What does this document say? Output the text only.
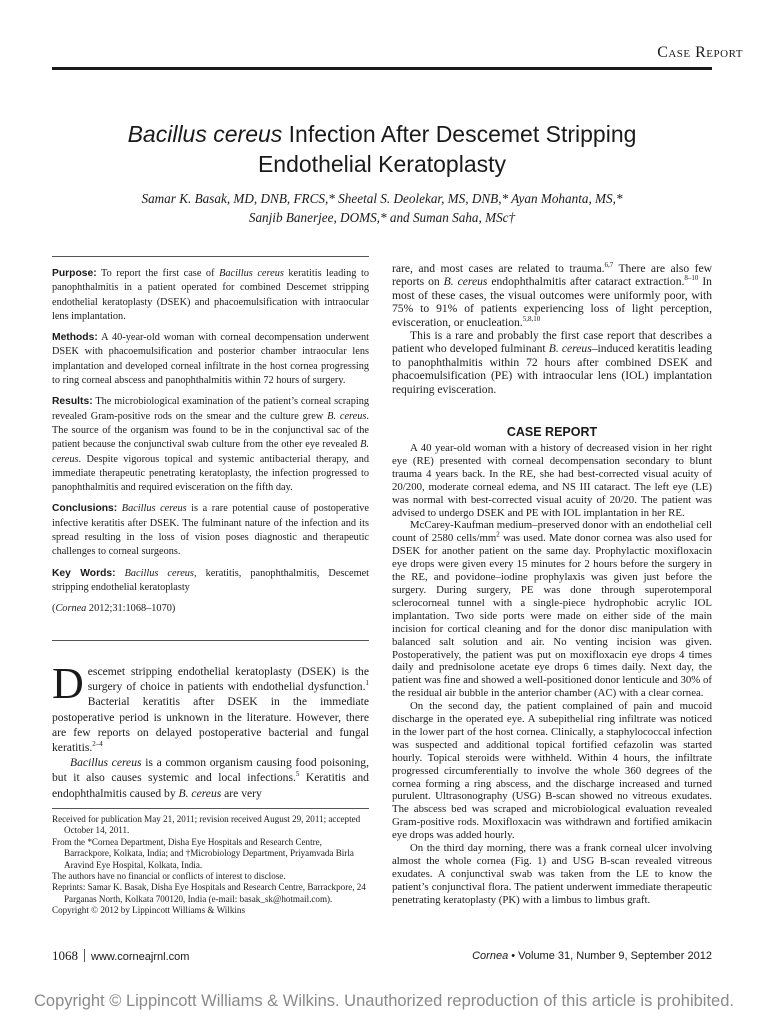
Case Report
Bacillus cereus Infection After Descemet Stripping
Endothelial Keratoplasty
Samar K. Basak, MD, DNB, FRCS,* Sheetal S. Deolekar, MS, DNB,* Ayan Mohanta, MS,*
Sanjib Banerjee, DOMS,* and Suman Saha, MSc†

Purpose: To report the first case of Bacillus cereus keratitis leading to panophthalmitis in a patient operated for combined Descemet stripping endothelial keratoplasty (DSEK) and phacoemulsification with intraocular lens implantation.

Methods: A 40-year-old woman with corneal decompensation underwent DSEK with phacoemulsification and posterior chamber intraocular lens implantation and developed corneal infiltrate in the host cornea progressing to ring corneal abscess and panophthalmitis within 72 hours of surgery.

Results: The microbiological examination of the patient’s corneal scraping revealed Gram-positive rods on the smear and the culture grew B. cereus. The source of the organism was found to be in the conjunctival sac of the patient because the conjunctival swab culture from the other eye revealed B. cereus. Despite vigorous topical and systemic antibacterial therapy, and immediate therapeutic penetrating keratoplasty, the infection progressed to panophthalmitis and required evisceration on the fifth day.

Conclusions: Bacillus cereus is a rare potential cause of postoperative infective keratitis after DSEK. The fulminant nature of the infection and its spread resulting in the loss of vision poses diagnostic and therapeutic challenges to corneal surgeons.

Key Words: Bacillus cereus, keratitis, panophthalmitis, Descemet stripping endothelial keratoplasty

(Cornea 2012;31:1068–1070)

Descemet stripping endothelial keratoplasty (DSEK) is the surgery of choice in patients with endothelial dysfunction.$^1$ Bacterial keratitis after DSEK in the immediate postoperative period is unknown in the literature. However, there are few reports on delayed postoperative bacterial and fungal keratitis.$^{2-4}$

Bacillus cereus is a common organism causing food poisoning, but it also causes systemic and local infections.$^5$ Keratitis and endophthalmitis caused by B. cereus are very

Received for publication May 21, 2011; revision received August 29, 2011; accepted October 14, 2011.

From the *Cornea Department, Disha Eye Hospitals and Research Centre, Barrackpore, Kolkata, India; and †Microbiology Department, Priyamvada Birla Aravind Eye Hospital, Kolkata, India.

The authors have no financial or conflicts of interest to disclose.

Reprints: Samar K. Basak, Disha Eye Hospitals and Research Centre, Barrackpore, 24 Parganas North, Kolkata 700120, India (e-mail: basak_sk@hotmail.com).

Copyright © 2012 by Lippincott Williams & Wilkins

rare, and most cases are related to trauma.$^{6,7}$ There are also few reports on B. cereus endophthalmitis after cataract extraction.$^{8-10}$ In most of these cases, the visual outcomes were uniformly poor, with 75% to 91% of patients experiencing loss of light perception, evisceration, or enucleation.$^{5,8,10}$

This is a rare and probably the first case report that describes a patient who developed fulminant B. cereus–induced keratitis leading to panophthalmitis within 72 hours after combined DSEK and phacoemulsification (PE) with intraocular lens (IOL) implantation requiring evisceration.

CASE REPORT

A 40 year-old woman with a history of decreased vision in her right eye (RE) presented with corneal decompensation secondary to blunt trauma 4 years back. In the RE, she had best-corrected visual acuity of 20/200, moderate corneal edema, and NS III cataract. The left eye (LE) was normal with best-corrected visual acuity of 20/20. The patient was advised to undergo DSEK and PE with IOL implantation in her RE.

McCarey-Kaufman medium–preserved donor with an endothelial cell count of 2580 cells/$mm^2$ was used. Mate donor cornea was also used for DSEK for another patient on the same day. Prophylactic moxifloxacin eye drops were given every 15 minutes for 2 hours before the surgery in the RE, and povidone–iodine prophylaxis was given just before the surgery. During surgery, PE was done through superotemporal sclerocorneal tunnel with a single-piece hydrophobic acrylic IOL implantation. Two side ports were made on either side of the main incision for cortical cleaning and for the donor disc manipulation with balanced salt solution and air. No venting incision was given. Postoperatively, the patient was put on moxifloxacin eye drops 4 times daily and prednisolone acetate eye drops 6 times daily. Next day, the patient was fine and showed a well-positioned donor lenticule and 30% of the residual air bubble in the anterior chamber (AC) with a clear cornea.

On the second day, the patient complained of pain and mucoid discharge in the operated eye. A subepithelial ring infiltrate was noticed in the lower part of the host cornea. Clinically, a staphylococcal infection was suspected and additional topical fortified cefazolin was started hourly. Topical steroids were withheld. Within 4 hours, the infiltrate progressed circumferentially to involve the whole 360 degrees of the cornea forming a ring abscess, and the discharge increased and turned purulent. Ultrasonography (USG) B-scan showed no vitreous exudates. The abscess bed was scraped and microbiological evaluation revealed Gram-positive rods. Moxifloxacin was withdrawn and fortified amikacin eye drops was added hourly.

On the third day morning, there was a frank corneal ulcer involving almost the whole cornea (Fig. 1) and USG B-scan revealed vitreous exudates. A conjunctival swab was taken from the LE to know the patient’s conjunctival flora. The patient underwent immediate therapeutic penetrating keratoplasty (PK) with a limbus to limbus graft.

1068 www.corneajrnl.com	Cornea • Volume 31, Number 9, September 2012
Copyright © Lippincott Williams & Wilkins. Unauthorized reproduction of this article is prohibited.
